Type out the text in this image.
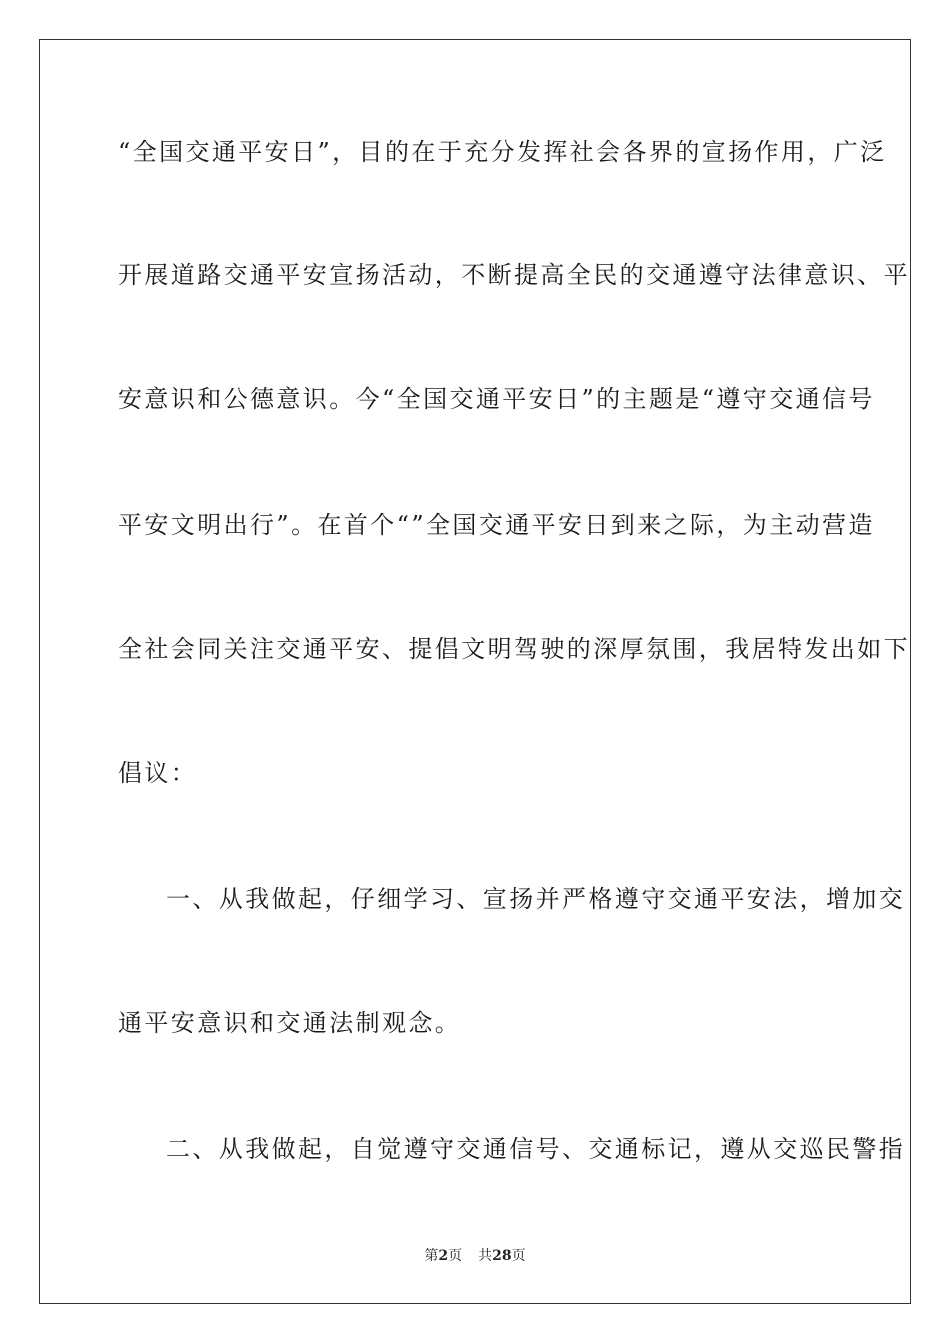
“全国交通平安日”，目的在于充分发挥社会各界的宣扬作用，广泛
开展道路交通平安宣扬活动，不断提高全民的交通遵守法律意识、平
安意识和公德意识。今“全国交通平安日”的主题是“遵守交通信号
平安文明出行”。在首个“”全国交通平安日到来之际，为主动营造
全社会同关注交通平安、提倡文明驾驶的深厚氛围，我居特发出如下
倡议：
一、从我做起，仔细学习、宣扬并严格遵守交通平安法，增加交
通平安意识和交通法制观念。
二、从我做起，自觉遵守交通信号、交通标记，遵从交巡民警指
第2页 共28页
